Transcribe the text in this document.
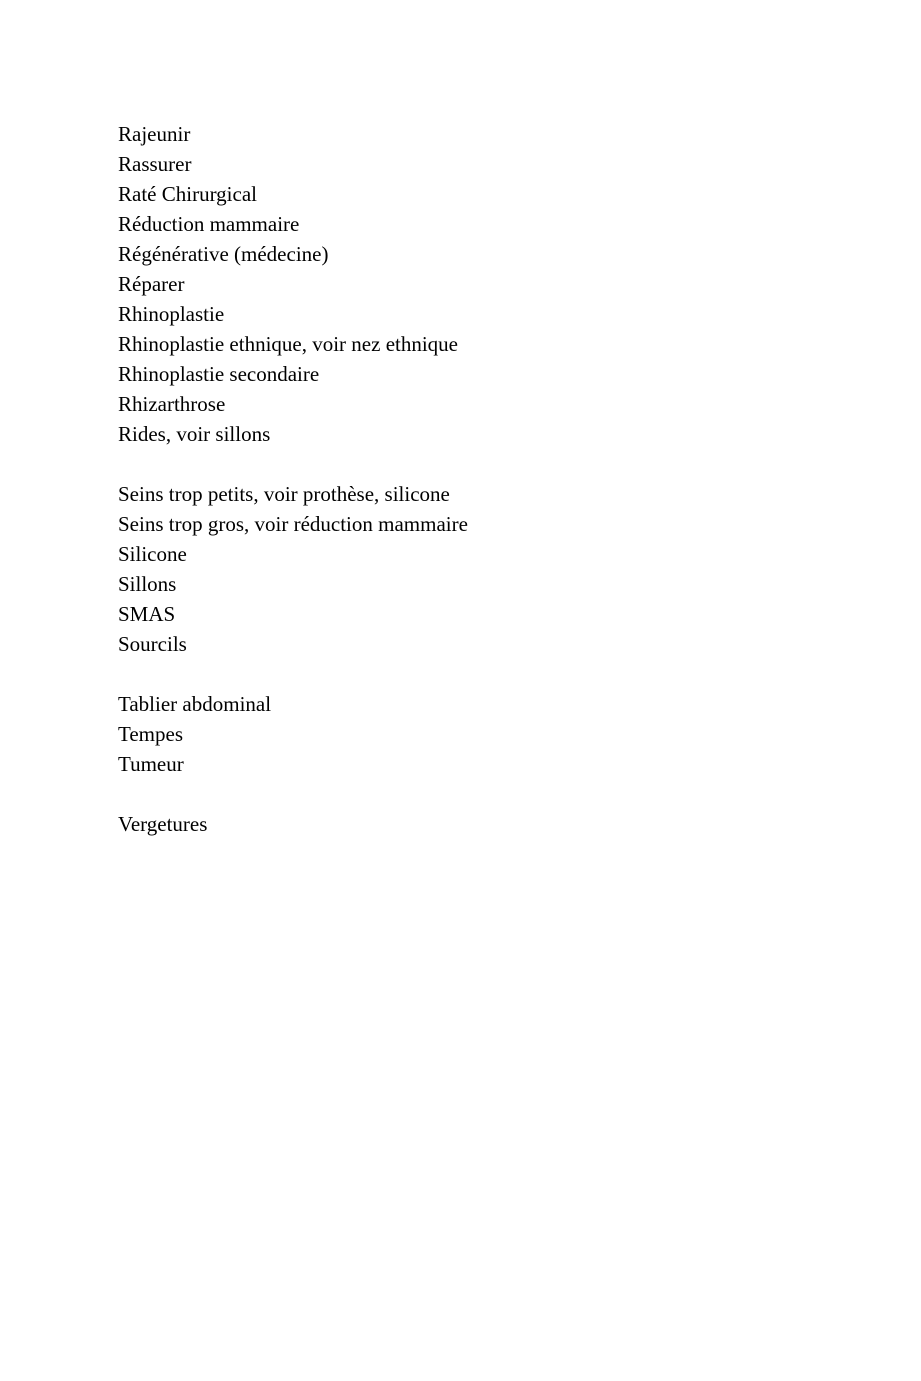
Rajeunir
Rassurer
Raté Chirurgical
Réduction mammaire
Régénérative (médecine)
Réparer
Rhinoplastie
Rhinoplastie ethnique, voir nez ethnique
Rhinoplastie secondaire
Rhizarthrose
Rides, voir sillons
Seins trop petits, voir prothèse, silicone
Seins trop gros, voir réduction mammaire
Silicone
Sillons
SMAS
Sourcils
Tablier abdominal
Tempes
Tumeur
Vergetures
